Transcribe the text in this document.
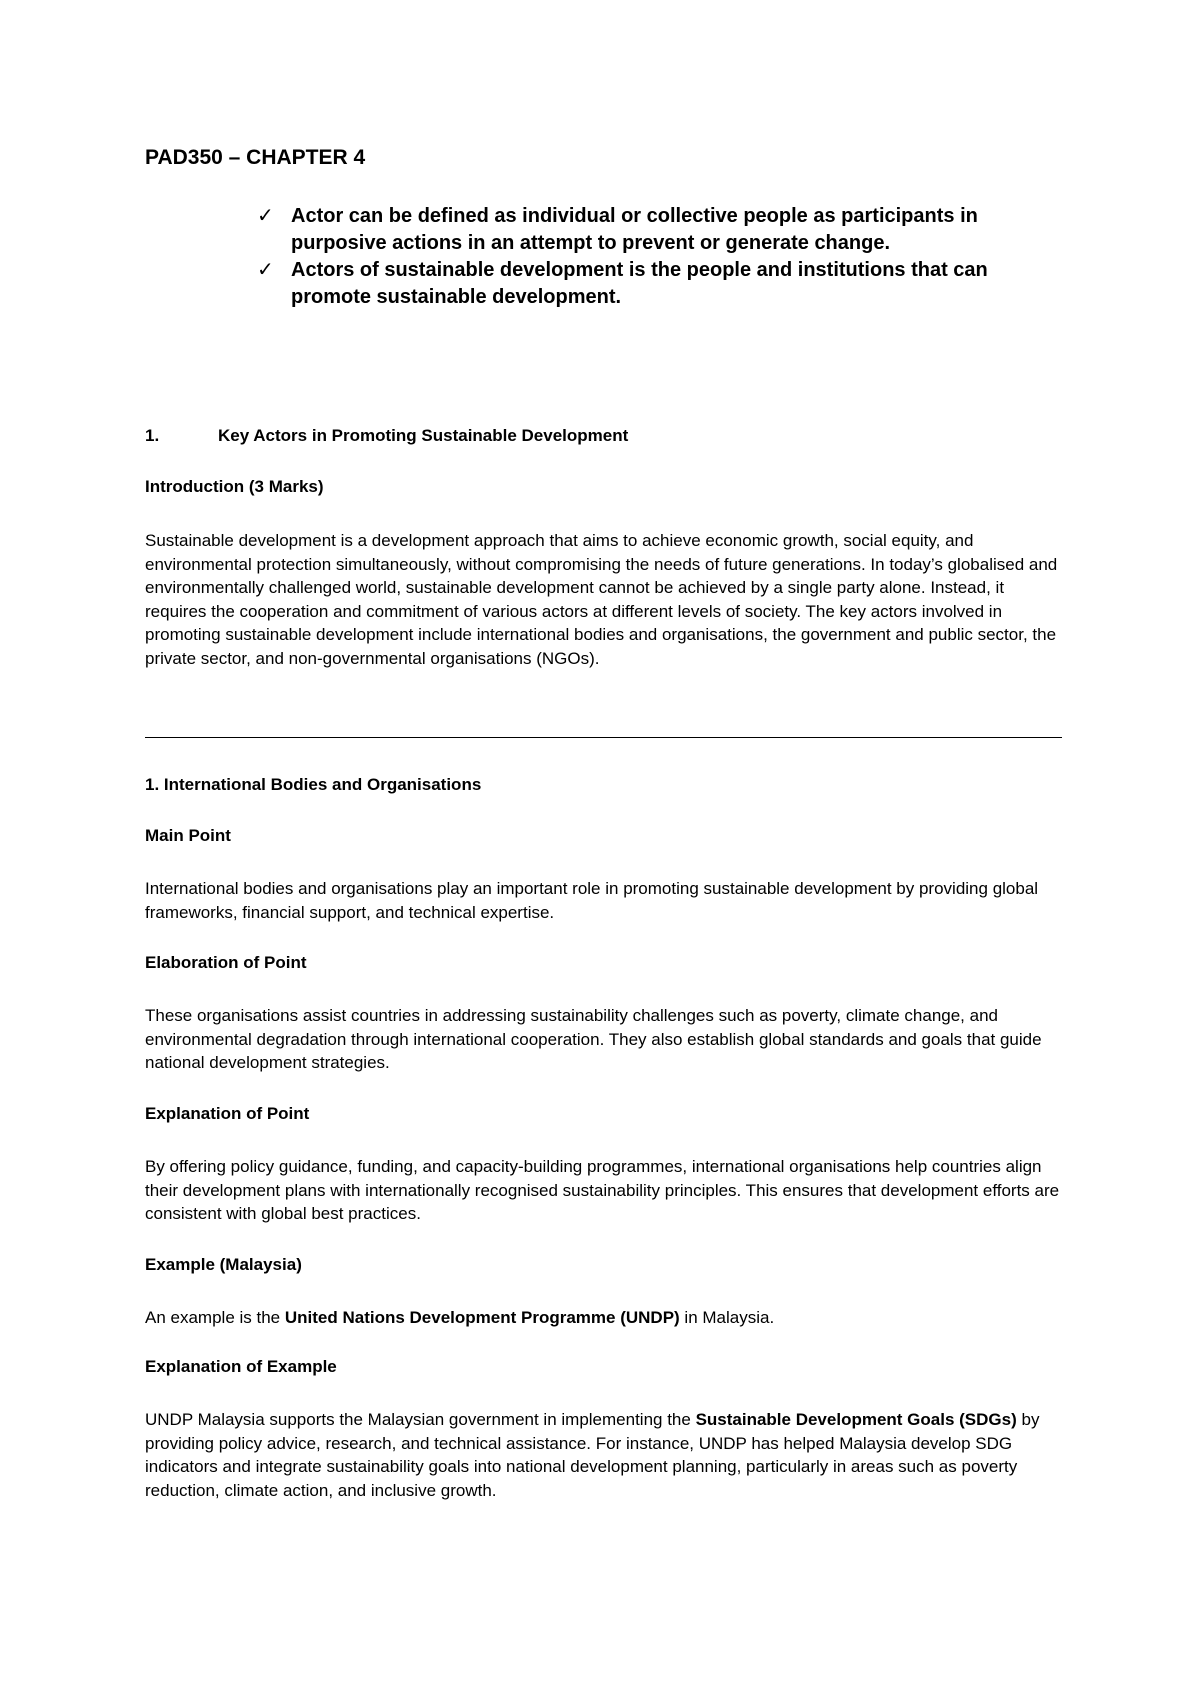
PAD350 – CHAPTER 4
✓ Actor can be defined as individual or collective people as participants in purposive actions in an attempt to prevent or generate change.
✓ Actors of sustainable development is the people and institutions that can promote sustainable development.
1.	Key Actors in Promoting Sustainable Development
Introduction (3 Marks)

Sustainable development is a development approach that aims to achieve economic growth, social equity, and environmental protection simultaneously, without compromising the needs of future generations. In today’s globalised and environmentally challenged world, sustainable development cannot be achieved by a single party alone. Instead, it requires the cooperation and commitment of various actors at different levels of society. The key actors involved in promoting sustainable development include international bodies and organisations, the government and public sector, the private sector, and non-governmental organisations (NGOs).

1. International Bodies and Organisations
Main Point

International bodies and organisations play an important role in promoting sustainable development by providing global frameworks, financial support, and technical expertise.

Elaboration of Point

These organisations assist countries in addressing sustainability challenges such as poverty, climate change, and environmental degradation through international cooperation. They also establish global standards and goals that guide national development strategies.

Explanation of Point

By offering policy guidance, funding, and capacity-building programmes, international organisations help countries align their development plans with internationally recognised sustainability principles. This ensures that development efforts are consistent with global best practices.

Example (Malaysia)

An example is the United Nations Development Programme (UNDP) in Malaysia.

Explanation of Example

UNDP Malaysia supports the Malaysian government in implementing the Sustainable Development Goals (SDGs) by providing policy advice, research, and technical assistance. For instance, UNDP has helped Malaysia develop SDG indicators and integrate sustainability goals into national development planning, particularly in areas such as poverty reduction, climate action, and inclusive growth.
